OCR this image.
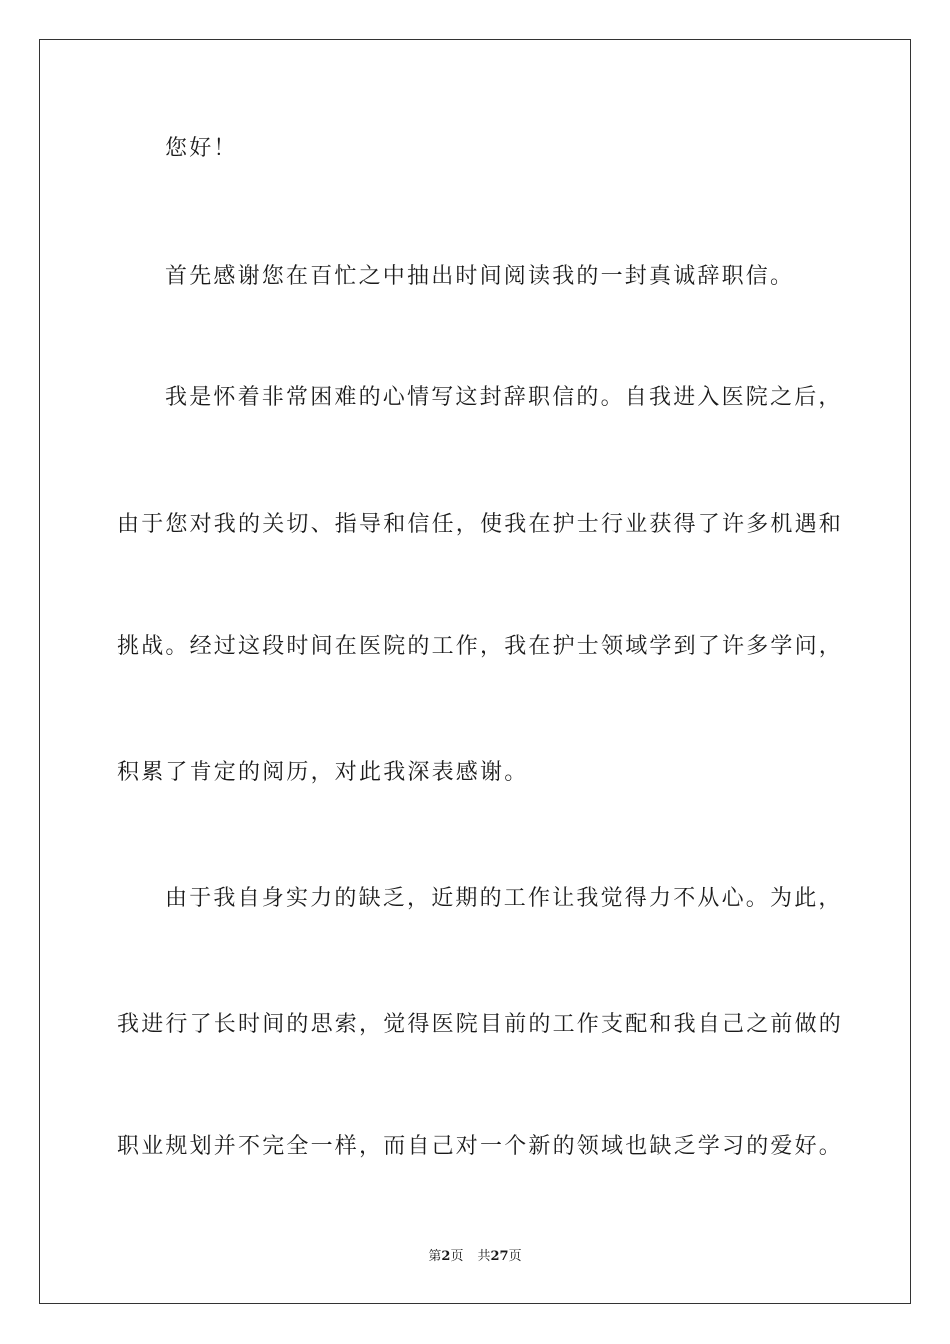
您好！
首先感谢您在百忙之中抽出时间阅读我的一封真诚辞职信。
我是怀着非常困难的心情写这封辞职信的。自我进入医院之后，
由于您对我的关切、指导和信任，使我在护士行业获得了许多机遇和
挑战。经过这段时间在医院的工作，我在护士领域学到了许多学问，
积累了肯定的阅历，对此我深表感谢。
由于我自身实力的缺乏，近期的工作让我觉得力不从心。为此，
我进行了长时间的思索，觉得医院目前的工作支配和我自己之前做的
职业规划并不完全一样，而自己对一个新的领域也缺乏学习的爱好。
第2页 共27页
